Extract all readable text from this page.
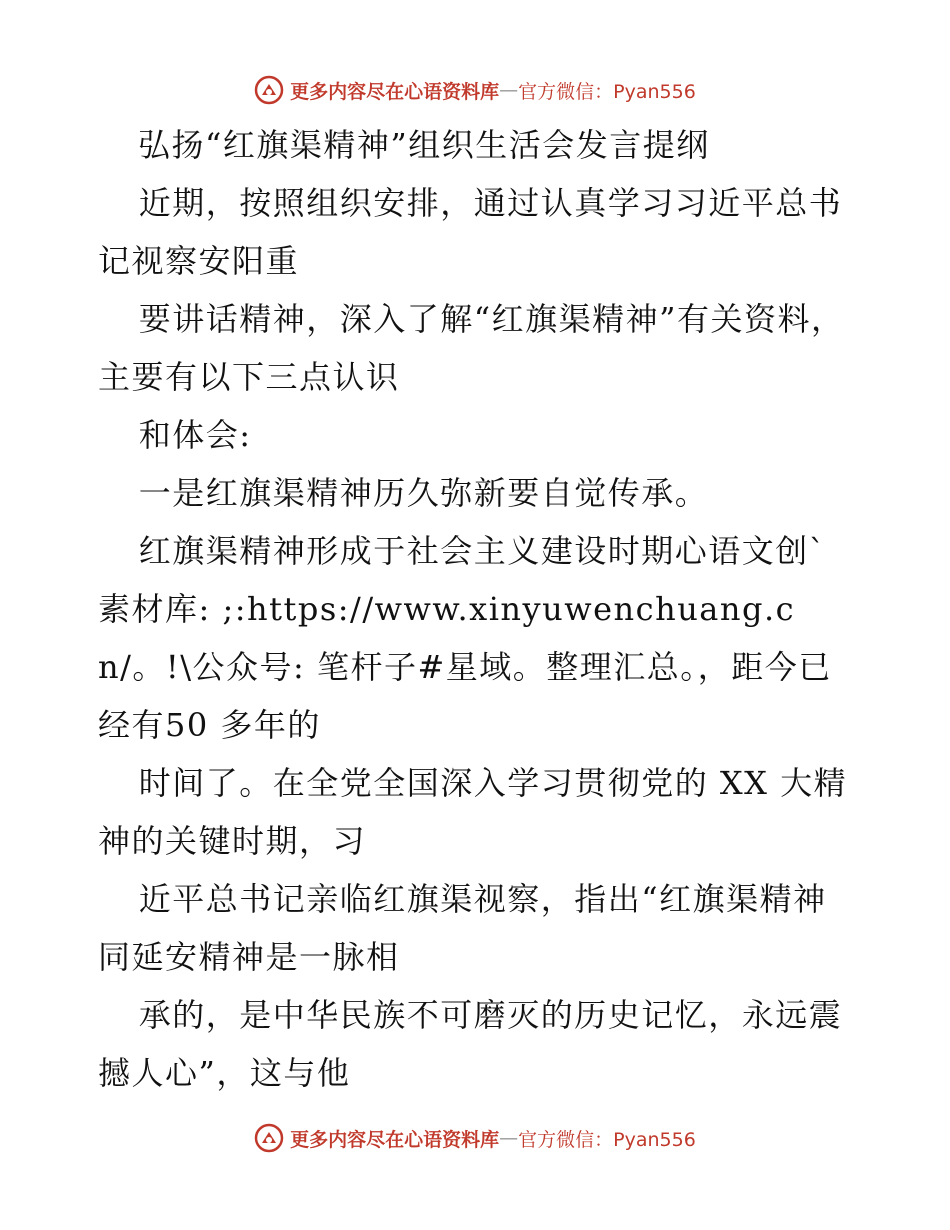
更多内容尽在心语资料库 — 官方微信：Pyan556

弘扬“红旗渠精神”组织生活会发言提纲

近期，按照组织安排，通过认真学习习近平总书记视察安阳重

要讲话精神，深入了解“红旗渠精神”有关资料，主要有以下三点认识

和体会:

一是红旗渠精神历久弥新要自觉传承。

红旗渠精神形成于社会主义建设时期心语文创`素材库: ;:https://www.xinyuwenchuang.cn/。!\公众号: 笔杆子#星域。整理汇总。，距今已经有50 多年的

时间了。在全党全国深入学习贯彻党的 XX 大精神的关键时期，习

近平总书记亲临红旗渠视察，指出“红旗渠精神同延安精神是一脉相

承的，是中华民族不可磨灭的历史记忆，永远震撼人心”，这与他

更多内容尽在心语资料库 — 官方微信：Pyan556
